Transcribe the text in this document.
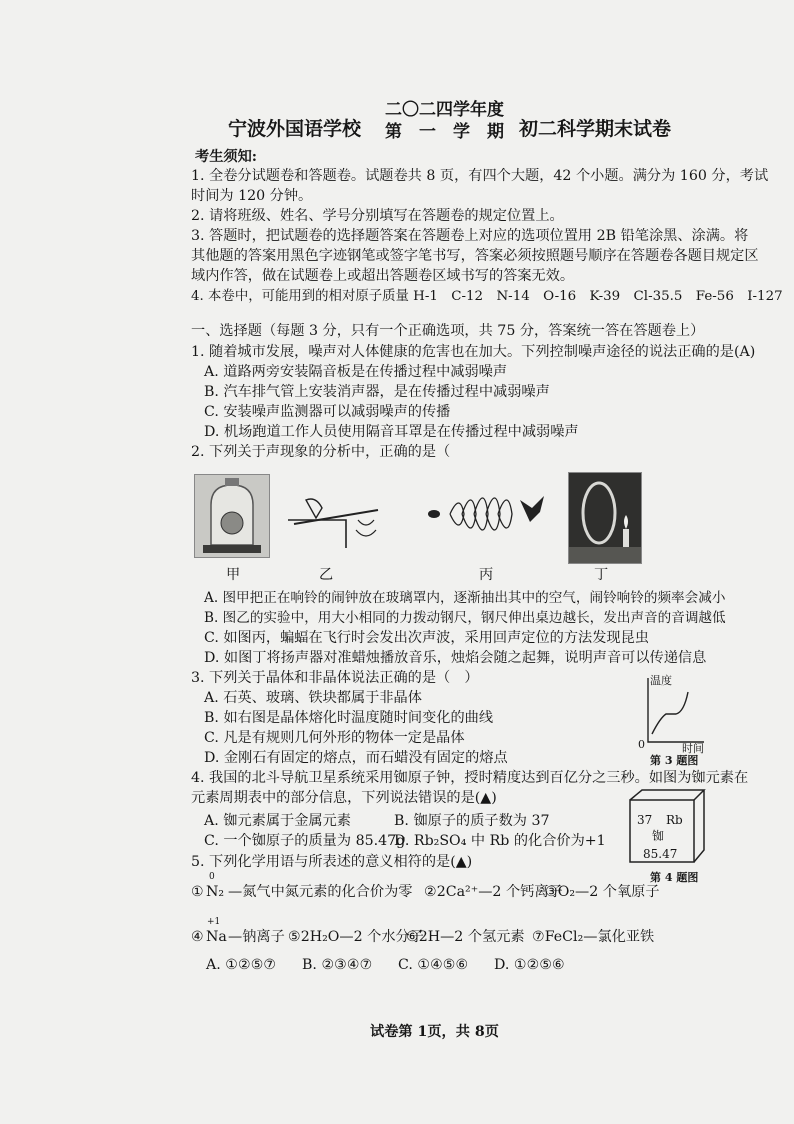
宁波外国语学校
二〇二四学年度
第　一　学　期 初二科学期末试卷
考生须知:
1. 全卷分试题卷和答题卷。试题卷共 8 页，有四个大题，42 个小题。满分为 160 分，考试
时间为 120 分钟。
2. 请将班级、姓名、学号分别填写在答题卷的规定位置上。
3. 答题时，把试题卷的选择题答案在答题卷上对应的选项位置用 2B 铅笔涂黑、涂满。将
其他题的答案用黑色字迹钢笔或签字笔书写，答案必须按照题号顺序在答题卷各题目规定区
域内作答，做在试题卷上或超出答题卷区域书写的答案无效。
4. 本卷中，可能用到的相对原子质量 H-1　C-12　N-14　O-16　K-39　Cl-35.5　Fe-56　I-127
一、选择题（每题 3 分，只有一个正确选项，共 75 分，答案统一答在答题卷上）
1. 随着城市发展，噪声对人体健康的危害也在加大。下列控制噪声途径的说法正确的是(A)
A. 道路两旁安装隔音板是在传播过程中减弱噪声
B. 汽车排气管上安装消声器，是在传播过程中减弱噪声
C. 安装噪声监测器可以减弱噪声的传播
D. 机场跑道工作人员使用隔音耳罩是在传播过程中减弱噪声
2. 下列关于声现象的分析中，正确的是（
甲	乙	丙	丁
A. 图甲把正在响铃的闹钟放在玻璃罩内，逐渐抽出其中的空气，闹铃响铃的频率会减小
B. 图乙的实验中，用大小相同的力拨动钢尺，钢尺伸出桌边越长，发出声音的音调越低
C. 如图丙，蝙蝠在飞行时会发出次声波，采用回声定位的方法发现昆虫
D. 如图丁将扬声器对准蜡烛播放音乐，烛焰会随之起舞，说明声音可以传递信息
3. 下列关于晶体和非晶体说法正确的是（　）
A. 石英、玻璃、铁块都属于非晶体
B. 如右图是晶体熔化时温度随时间变化的曲线
C. 凡是有规则几何外形的物体一定是晶体
D. 金刚石有固定的熔点，而石蜡没有固定的熔点
温度
0	时间
第 3 题图
4. 我国的北斗导航卫星系统采用铷原子钟，授时精度达到百亿分之三秒。如图为铷元素在
元素周期表中的部分信息，下列说法错误的是(▲)
A. 铷元素属于金属元素	B. 铷原子的质子数为 37
C. 一个铷原子的质量为 85.47g
D. Rb₂SO₄ 中 Rb 的化合价为+1
37 Rb
铷
85.47
第 4 题图
5. 下列化学用语与所表述的意义相符的是(▲)
0
① N₂ —氮气中氮元素的化合价为零 ②2Ca²⁺—2 个钙离子
③O₂—2 个氧原子
+1
④ Na —钠离子 ⑤2H₂O—2 个水分子
⑥2H—2 个氢元素 ⑦FeCl₂—氯化亚铁
A. ①②⑤⑦ B. ②③④⑦ C. ①④⑤⑥ D. ①②⑤⑥
试卷第 1页，共 8页
